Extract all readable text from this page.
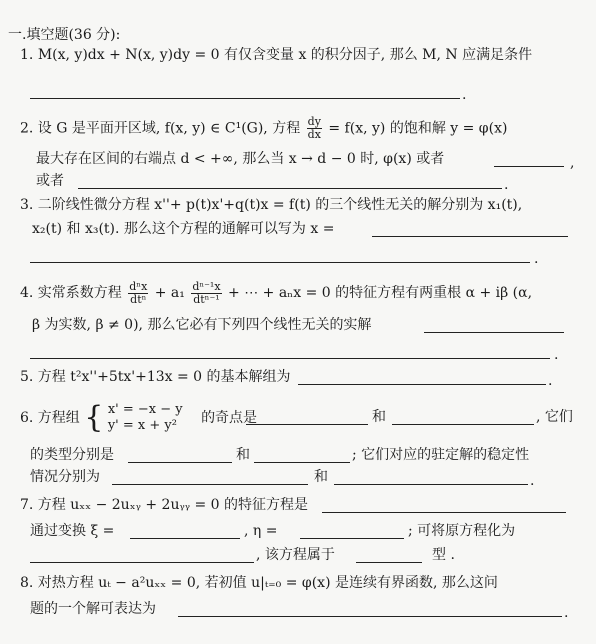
一.填空题(36 分):
1. M(x, y)dx + N(x, y)dy = 0 有仅含变量 x 的积分因子, 那么 M, N 应满足条件
.
2. 设 G 是平面开区域, f(x, y) ∈ C¹(G), 方程 $\frac{dy}{dx} = f(x$, y) 的饱和解 y = φ(x)
最大存在区间的右端点 d < +∞, 那么当 x → d − 0 时, φ(x) 或者	,
或者	.
3. 二阶线性微分方程 x''+ p(t)x'+q(t)x = f(t) 的三个线性无关的解分别为 x₁(t),
x₂(t) 和 x₃(t). 那么这个方程的通解可以写为 x =
.
4. 实常系数方程 $\frac{\text{dⁿx}}{\text{dtⁿ}} + a_1 \frac{\text{dⁿ⁻¹x}}{\text{dtⁿ⁻¹}}$ + ⋯ + aₙx = 0 的特征方程有两重根 α + iβ (α,
β 为实数, β ≠ 0), 那么它必有下列四个线性无关的实解
.
5. 方程 t²x''+5tx'+13x = 0 的基本解组为	.
6. 方程组 { x' = −x − y
y' = x + y²	的奇点是	和	, 它们
的类型分别是	和	; 它们对应的驻定解的稳定性
情况分别为	和	.
7. 方程 uₓₓ − 2uₓᵧ + 2uᵧᵧ = 0 的特征方程是
通过变换 ξ =	, η =	; 可将原方程化为
, 该方程属于	型 .
8. 对热方程 uₜ − a²uₓₓ = 0, 若初值 u|ₜ₌₀ = φ(x) 是连续有界函数, 那么这问
题的一个解可表达为	.
